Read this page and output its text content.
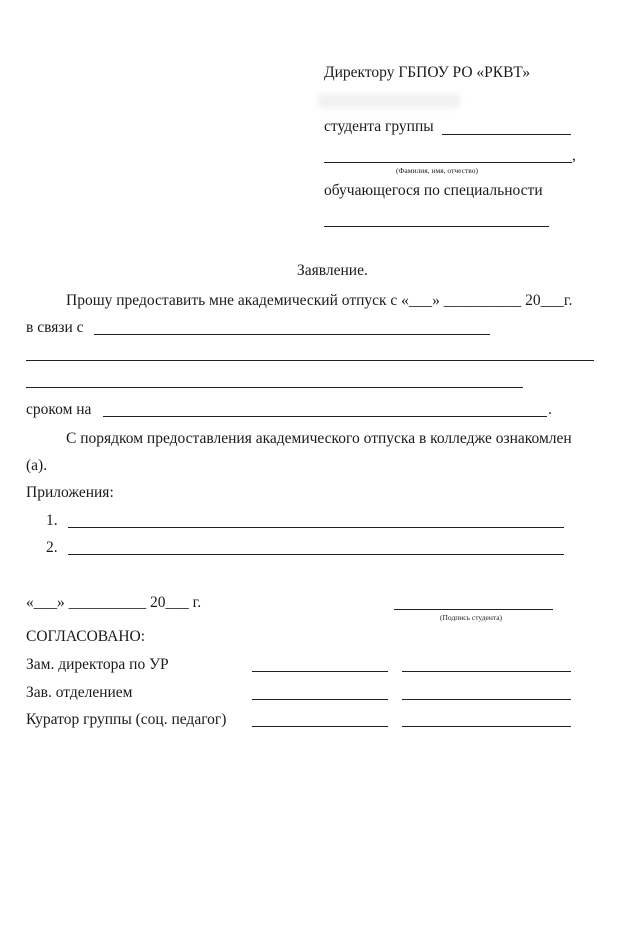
Директору ГБПОУ РО «РКВТ»
студента группы
,
(Фамилия, имя, отчество)
обучающегося по специальности
Заявление.
Прошу предоставить мне академический отпуск с «___» __________ 20___г.
в связи с
сроком на	.
С порядком предоставления академического отпуска в колледже ознакомлен
(а).
Приложения:
1.
2.
«___» __________ 20___ г.
(Подпись студента)
СОГЛАСОВАНО:
Зам. директора по УР
Зав. отделением
Куратор группы (соц. педагог)
